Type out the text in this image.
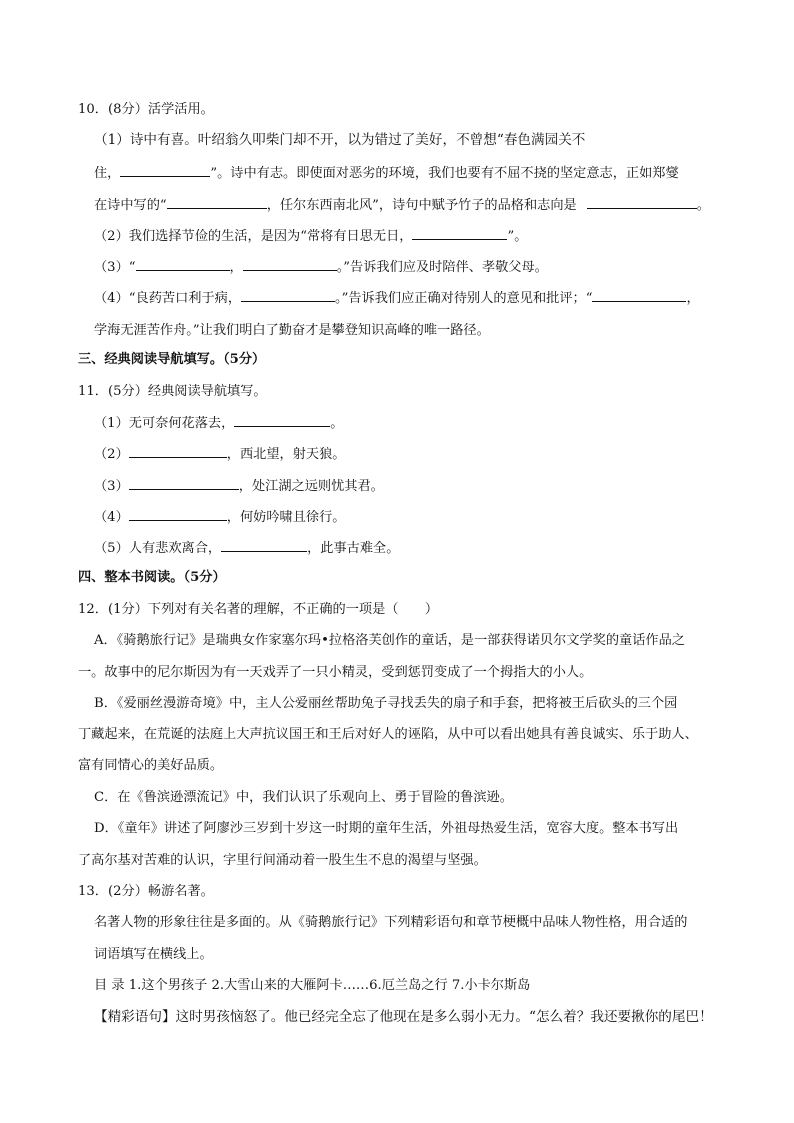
10．(8分）活学活用。
（1）诗中有喜。叶绍翁久叩柴门却不开，以为错过了美好，不曾想“春色满园关不
住，	”。诗中有志。即使面对恶劣的环境，我们也要有不屈不挠的坚定意志，正如郑燮
在诗中写的“	，任尔东西南北风”，诗句中赋予竹子的品格和志向是	。
（2）我们选择节俭的生活，是因为“常将有日思无日，	”。
（3）“	，	。”告诉我们应及时陪伴、孝敬父母。
（4）“良药苦口利于病，	。”告诉我们应正确对待别人的意见和批评；“	，
学海无涯苦作舟。”让我们明白了勤奋才是攀登知识高峰的唯一路径。
三、经典阅读导航填写。（5分）
11．(5分）经典阅读导航填写。
（1）无可奈何花落去，	。
（2）	，西北望，射天狼。
（3）	，处江湖之远则忧其君。
（4）	，何妨吟啸且徐行。
（5）人有悲欢离合，	，此事古难全。
四、整本书阅读。（5分）
12．(1分）下列对有关名著的理解，不正确的一项是（　　）
A．《骑鹅旅行记》是瑞典女作家塞尔玛•拉格洛芙创作的童话，是一部获得诺贝尔文学奖的童话作品之
一。故事中的尼尔斯因为有一天戏弄了一只小精灵，受到惩罚变成了一个拇指大的小人。
B．《爱丽丝漫游奇境》中，主人公爱丽丝帮助兔子寻找丢失的扇子和手套，把将被王后砍头的三个园
丁藏起来，在荒诞的法庭上大声抗议国王和王后对好人的诬陷，从中可以看出她具有善良诚实、乐于助人、
富有同情心的美好品质。
C．在《鲁滨逊漂流记》中，我们认识了乐观向上、勇于冒险的鲁滨逊。
D．《童年》讲述了阿廖沙三岁到十岁这一时期的童年生活，外祖母热爱生活，宽容大度。整本书写出
了高尔基对苦难的认识，字里行间涌动着一股生生不息的渴望与坚强。
13．(2分）畅游名著。
名著人物的形象往往是多面的。从《骑鹅旅行记》下列精彩语句和章节梗概中品味人物性格，用合适的
词语填写在横线上。
目 录 1.这个男孩子 2.大雪山来的大雁阿卡……6.厄兰岛之行 7.小卡尔斯岛
【精彩语句】这时男孩恼怒了。他已经完全忘了他现在是多么弱小无力。“怎么着？我还要揪你的尾巴！
